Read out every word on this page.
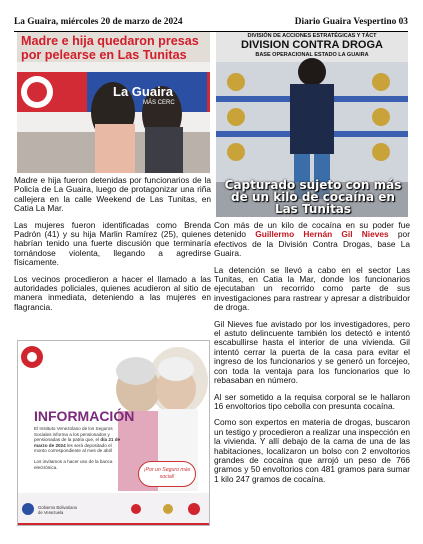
La Guaira, miércoles 20 de marzo de 2024	Diario Guaira Vespertino 03
Madre e hija quedaron presas por pelearse en Las Tunitas
La Guaira
MÁS CERC

Madre e hija fueron detenidas por funcionarios de la Policía de La Guaira, luego de protagonizar una riña callejera en la calle Weekend de Las Tunitas, en Catia La Mar.

Las mujeres fueron identificadas como Brenda Padrón (41) y su hija Marlin Ramírez (25), quienes habrían tenido una fuerte discusión que terminaría tornándose violenta, llegando a agredirse físicamente.

Los vecinos procedieron a hacer el llamado a las autoridades policiales, quienes acudieron al sitio de manera inmediata, deteniendo a las mujeres en flagrancia.

DIVISIÓN DE ACCIONES ESTRATÉGICAS Y TÁCT
DIVISION CONTRA DROGA
BASE OPERACIONAL ESTADO LA GUAIRA
Capturado sujeto con más de un kilo de cocaína en Las Tunitas

Con más de un kilo de cocaína en su poder fue detenido Guillermo Hernán Gil Nieves por efectivos de la División Contra Drogas, base La Guaira.

La detención se llevó a cabo en el sector Las Tunitas, en Catia la Mar, donde los funcionarios ejecutaban un recorrido como parte de sus investigaciones para rastrear y apresar a distribuidor de droga.

Gil Nieves fue avistado por los investigadores, pero el astuto delincuente también los detectó e intentó escabullirse hasta el interior de una vivienda. Gil intentó cerrar la puerta de la casa para evitar el ingreso de los funcionarios y se generó un forcejeo, con toda la ventaja para los funcionarios que lo rebasaban en número.

Al ser sometido a la requisa corporal se le hallaron 16 envoltorios tipo cebolla con presunta cocaína.

Como son expertos en materia de drogas, buscaron un testigo y procedieron a realizar una inspección en la vivienda. Y allí debajo de la cama de una de las habitaciones, localizaron un bolso con 2 envoltorios grandes de cocaína que arrojó un peso de 766 gramos y 50 envoltorios con 481 gramos para sumar 1 kilo 247 gramos de cocaína.

INFORMACIÓN
El Instituto Venezolano de los Seguros Sociales informa a los pensionados y pensionadas de la patria que, el día 21 de marzo de 2024 les será depositado el monto correspondiente al mes de abril
Los invitamos a hacer uso de la banca electrónica.	¡Por un Seguro más social!
Gobierno Bolivariano de Venezuela
